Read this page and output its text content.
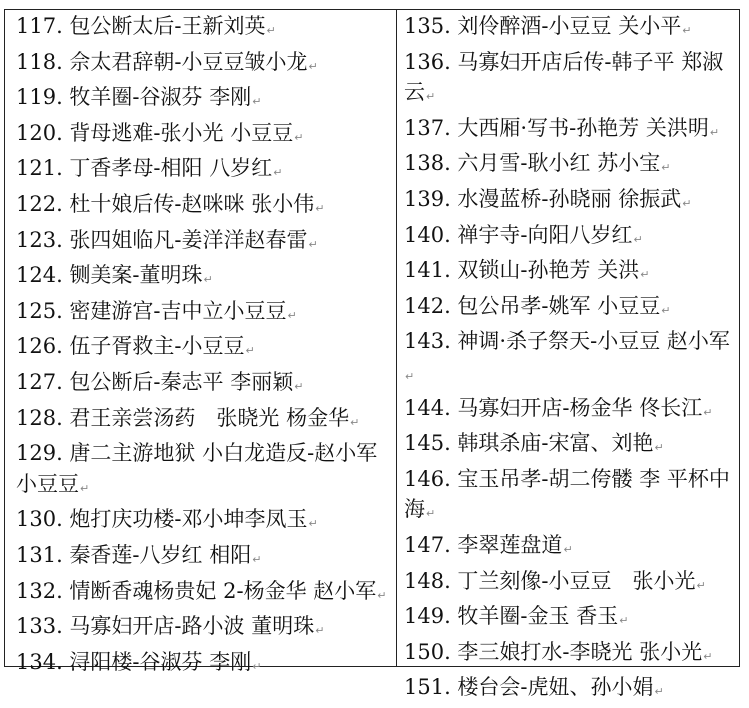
117. 包公断太后-王新刘英↵
118. 佘太君辞朝-小豆豆皱小龙↵
119. 牧羊圈-谷淑芬 李刚↵
120. 背母逃难-张小光 小豆豆↵
121. 丁香孝母-相阳 八岁红↵
122. 杜十娘后传-赵咪咪 张小伟↵
123. 张四姐临凡-姜洋洋赵春雷↵
124. 铡美案-董明珠↵
125. 密建游宫-吉中立小豆豆↵
126. 伍子胥救主-小豆豆↵
127. 包公断后-秦志平 李丽颖↵
128. 君王亲尝汤药　张晓光 杨金华↵
129. 唐二主游地狱 小白龙造反-赵小军 小豆豆↵
130. 炮打庆功楼-邓小坤李凤玉↵
131. 秦香莲-八岁红 相阳↵
132. 情断香魂杨贵妃 2-杨金华 赵小军↵
133. 马寡妇开店-路小波 董明珠↵
134. 浔阳楼-谷淑芬 李刚↵
135. 刘伶醉酒-小豆豆 关小平↵
136. 马寡妇开店后传-韩子平 郑淑云↵
137. 大西厢·写书-孙艳芳 关洪明↵
138. 六月雪-耿小红 苏小宝↵
139. 水漫蓝桥-孙晓丽 徐振武↵
140. 禅宇寺-向阳八岁红↵
141. 双锁山-孙艳芳 关洪↵
142. 包公吊孝-姚军 小豆豆↵
143. 神调·杀子祭天-小豆豆 赵小军↵
144. 马寡妇开店-杨金华 佟长江↵
145. 韩琪杀庙-宋富、刘艳↵
146. 宝玉吊孝-胡二侉髅 李 平杯中海↵
147. 李翠莲盘道↵
148. 丁兰刻像-小豆豆　张小光↵
149. 牧羊圈-金玉 香玉↵
150. 李三娘打水-李晓光 张小光↵
151. 楼台会-虎妞、孙小娟↵
